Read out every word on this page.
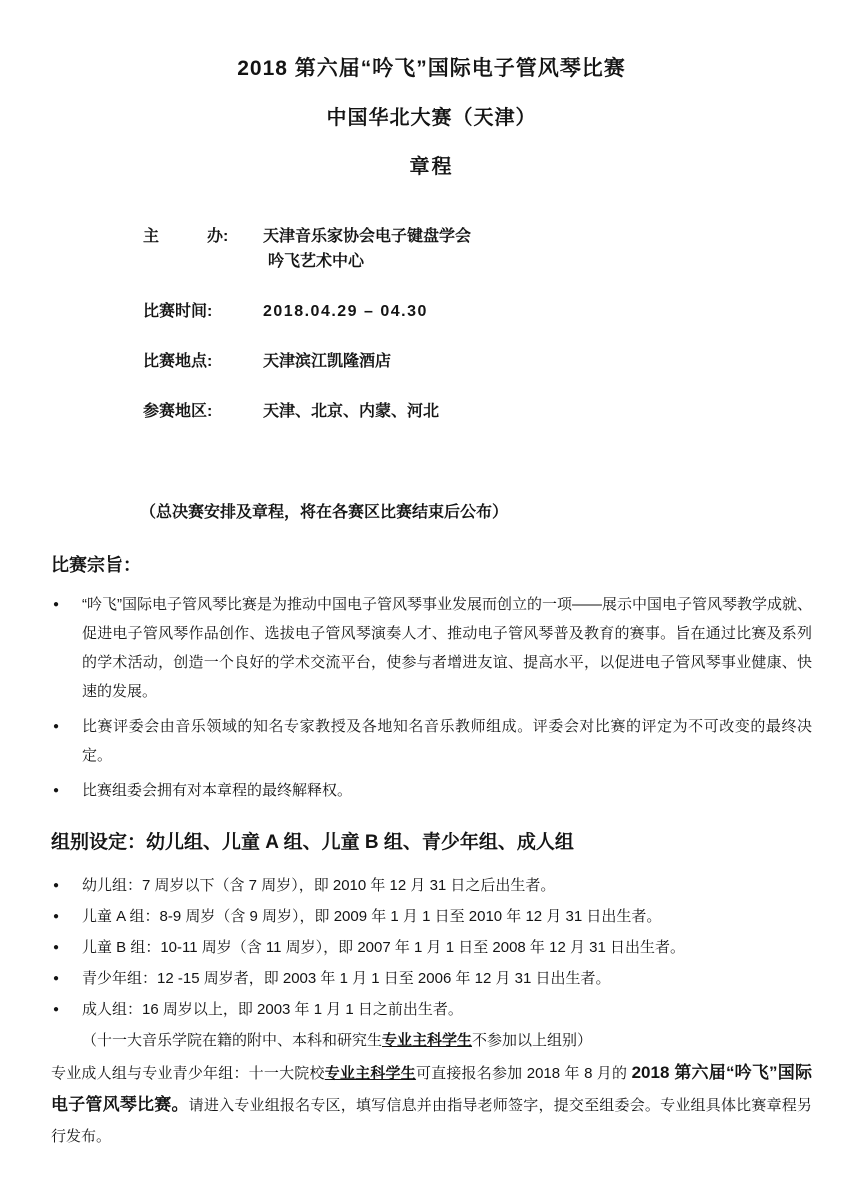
2018 第六届“吟飞”国际电子管风琴比赛
中国华北大赛（天津）
章程
主　　　办:	天津音乐家协会电子键盘学会
吟飞艺术中心
比赛时间:	2018.04.29 – 04.30
比赛地点:	天津滨江凯隆酒店
参赛地区:	天津、北京、内蒙、河北
（总决赛安排及章程，将在各赛区比赛结束后公布）
比赛宗旨：
● “吟飞”国际电子管风琴比赛是为推动中国电子管风琴事业发展而创立的一项——展示中国电子管风琴教学成就、促进电子管风琴作品创作、选拔电子管风琴演奏人才、推动电子管风琴普及教育的赛事。旨在通过比赛及系列的学术活动，创造一个良好的学术交流平台，使参与者增进友谊、提高水平，以促进电子管风琴事业健康、快速的发展。
● 比赛评委会由音乐领域的知名专家教授及各地知名音乐教师组成。评委会对比赛的评定为不可改变的最终决定。
● 比赛组委会拥有对本章程的最终解释权。
组别设定：幼儿组、儿童 A 组、儿童 B 组、青少年组、成人组
● 幼儿组：7 周岁以下（含 7 周岁），即 2010 年 12 月 31 日之后出生者。
● 儿童 A 组：8-9 周岁（含 9 周岁），即 2009 年 1 月 1 日至 2010 年 12 月 31 日出生者。
● 儿童 B 组：10-11 周岁（含 11 周岁），即 2007 年 1 月 1 日至 2008 年 12 月 31 日出生者。
● 青少年组：12 -15 周岁者，即 2003 年 1 月 1 日至 2006 年 12 月 31 日出生者。
● 成人组：16 周岁以上，即 2003 年 1 月 1 日之前出生者。
（十一大音乐学院在籍的附中、本科和研究生专业主科学生不参加以上组别）
专业成人组与专业青少年组：十一大院校专业主科学生可直接报名参加 2018 年 8 月的 2018 第六届“吟飞”国际电子管风琴比赛。请进入专业组报名专区，填写信息并由指导老师签字，提交至组委会。专业组具体比赛章程另行发布。
